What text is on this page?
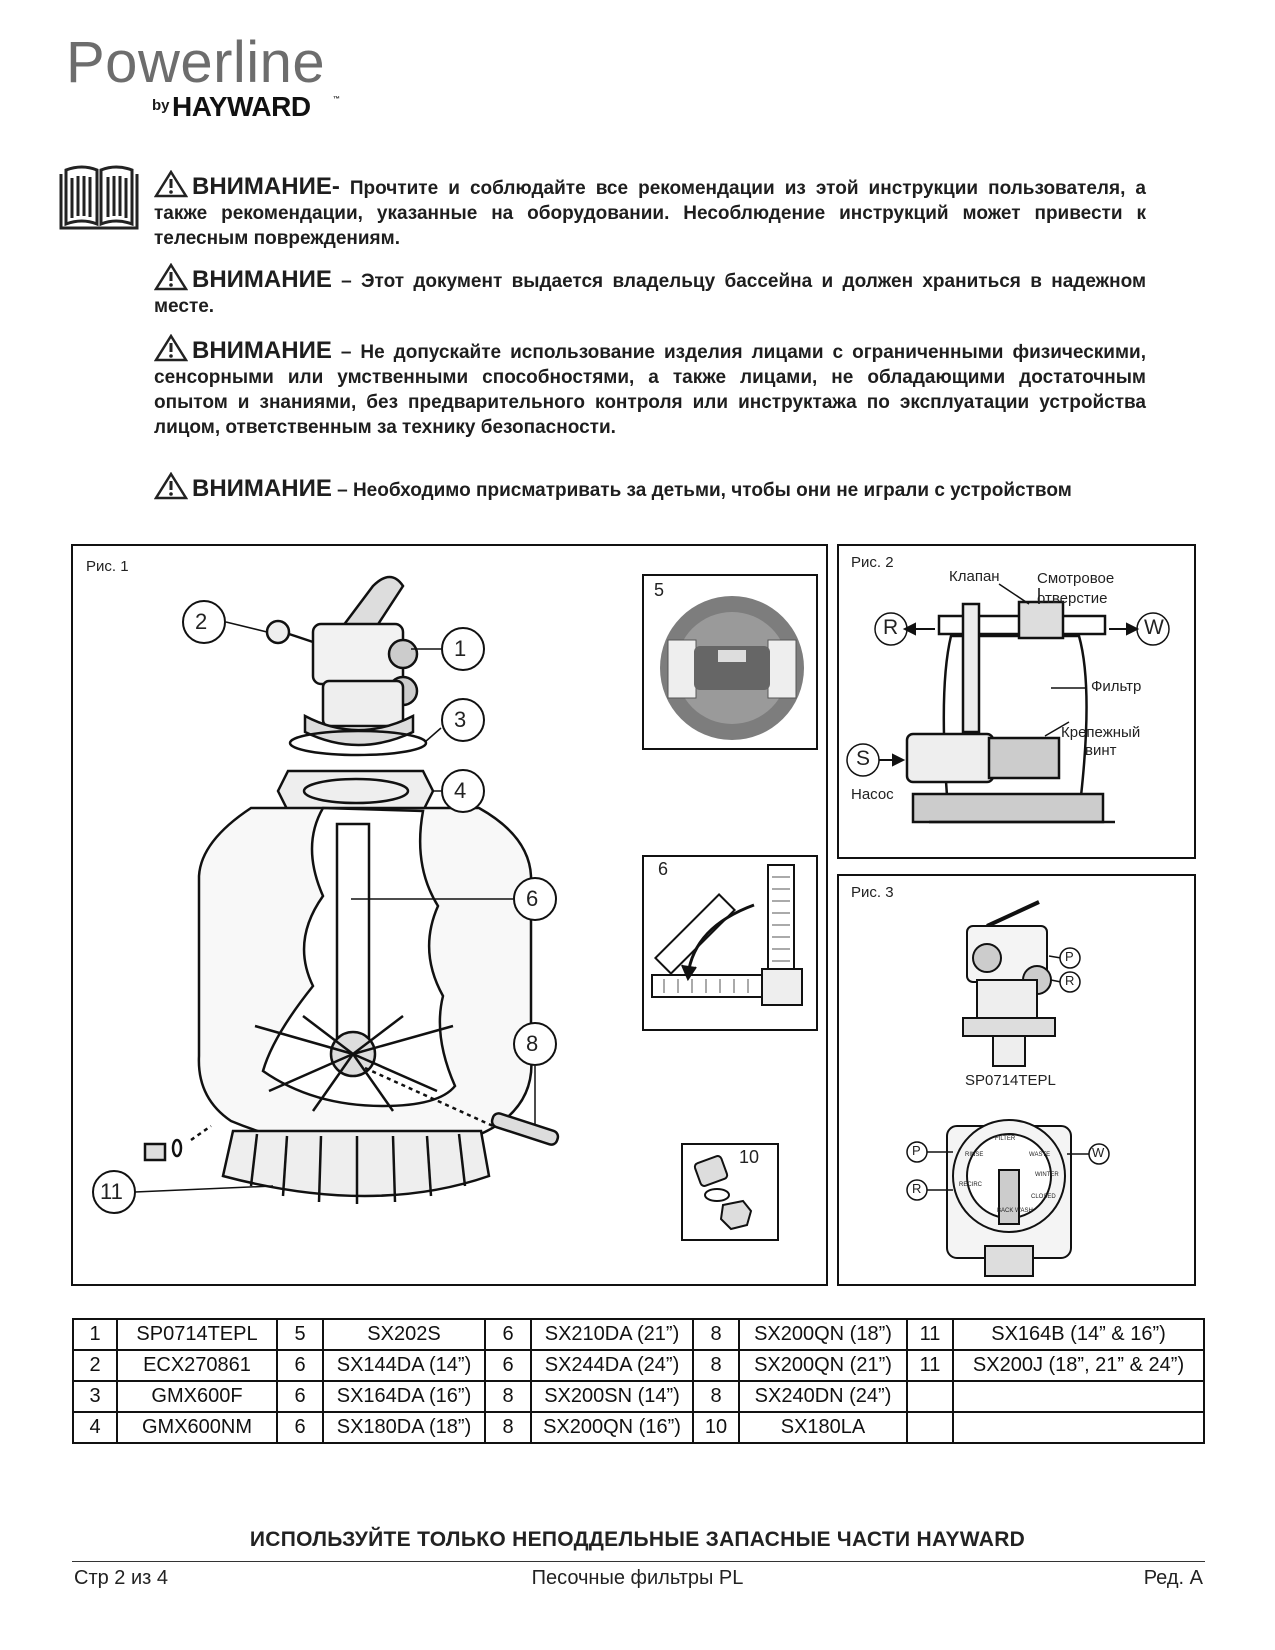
Powerline
by HAYWARD	™
ВНИМАНИЕ- Прочтите и соблюдайте все рекомендации из этой инструкции пользователя, а также рекомендации, указанные на оборудовании. Несоблюдение инструкций может привести к телесным повреждениям.
ВНИМАНИЕ – Этот документ выдается владельцу бассейна и должен храниться в надежном месте.
ВНИМАНИЕ – Не допускайте использование изделия лицами с ограниченными физическими, сенсорными или умственными способностями, а также лицами, не обладающими достаточным опытом и знаниями, без предварительного контроля или инструктажа по эксплуатации устройства лицом, ответственным за технику безопасности.
ВНИМАНИЕ – Необходимо присматривать за детьми, чтобы они не играли с устройством
Рис. 1
2
1
3
4
6
8
11
5
6
10
Рис. 2
Клапан Смотровое
отверстие
Фильтр
Крепежный
винт
Насос
R	W
S
Рис. 3
P
R
P
R
W
SP0714TEPL
FILTER
WASTE
RINSE
WINTER
RECIRC
CLOSED
BACK WASH
1	SP0714TEPL	5	SX202S	6	SX210DA (21”)	8	SX200QN (18”)	11	SX164B (14” & 16”)
2	ECX270861	6	SX144DA (14”)	6	SX244DA (24”)	8	SX200QN (21”)	11	SX200J (18”, 21” & 24”)
3	GMX600F	6	SX164DA (16”)	8	SX200SN (14”)	8	SX240DN (24”)		
4	GMX600NM	6	SX180DA (18”)	8	SX200QN (16”)	10	SX180LA		
ИСПОЛЬЗУЙТЕ ТОЛЬКО НЕПОДДЕЛЬНЫЕ ЗАПАСНЫЕ ЧАСТИ HAYWARD
Стр 2 из 4	Песочные фильтры PL	Ред. A
